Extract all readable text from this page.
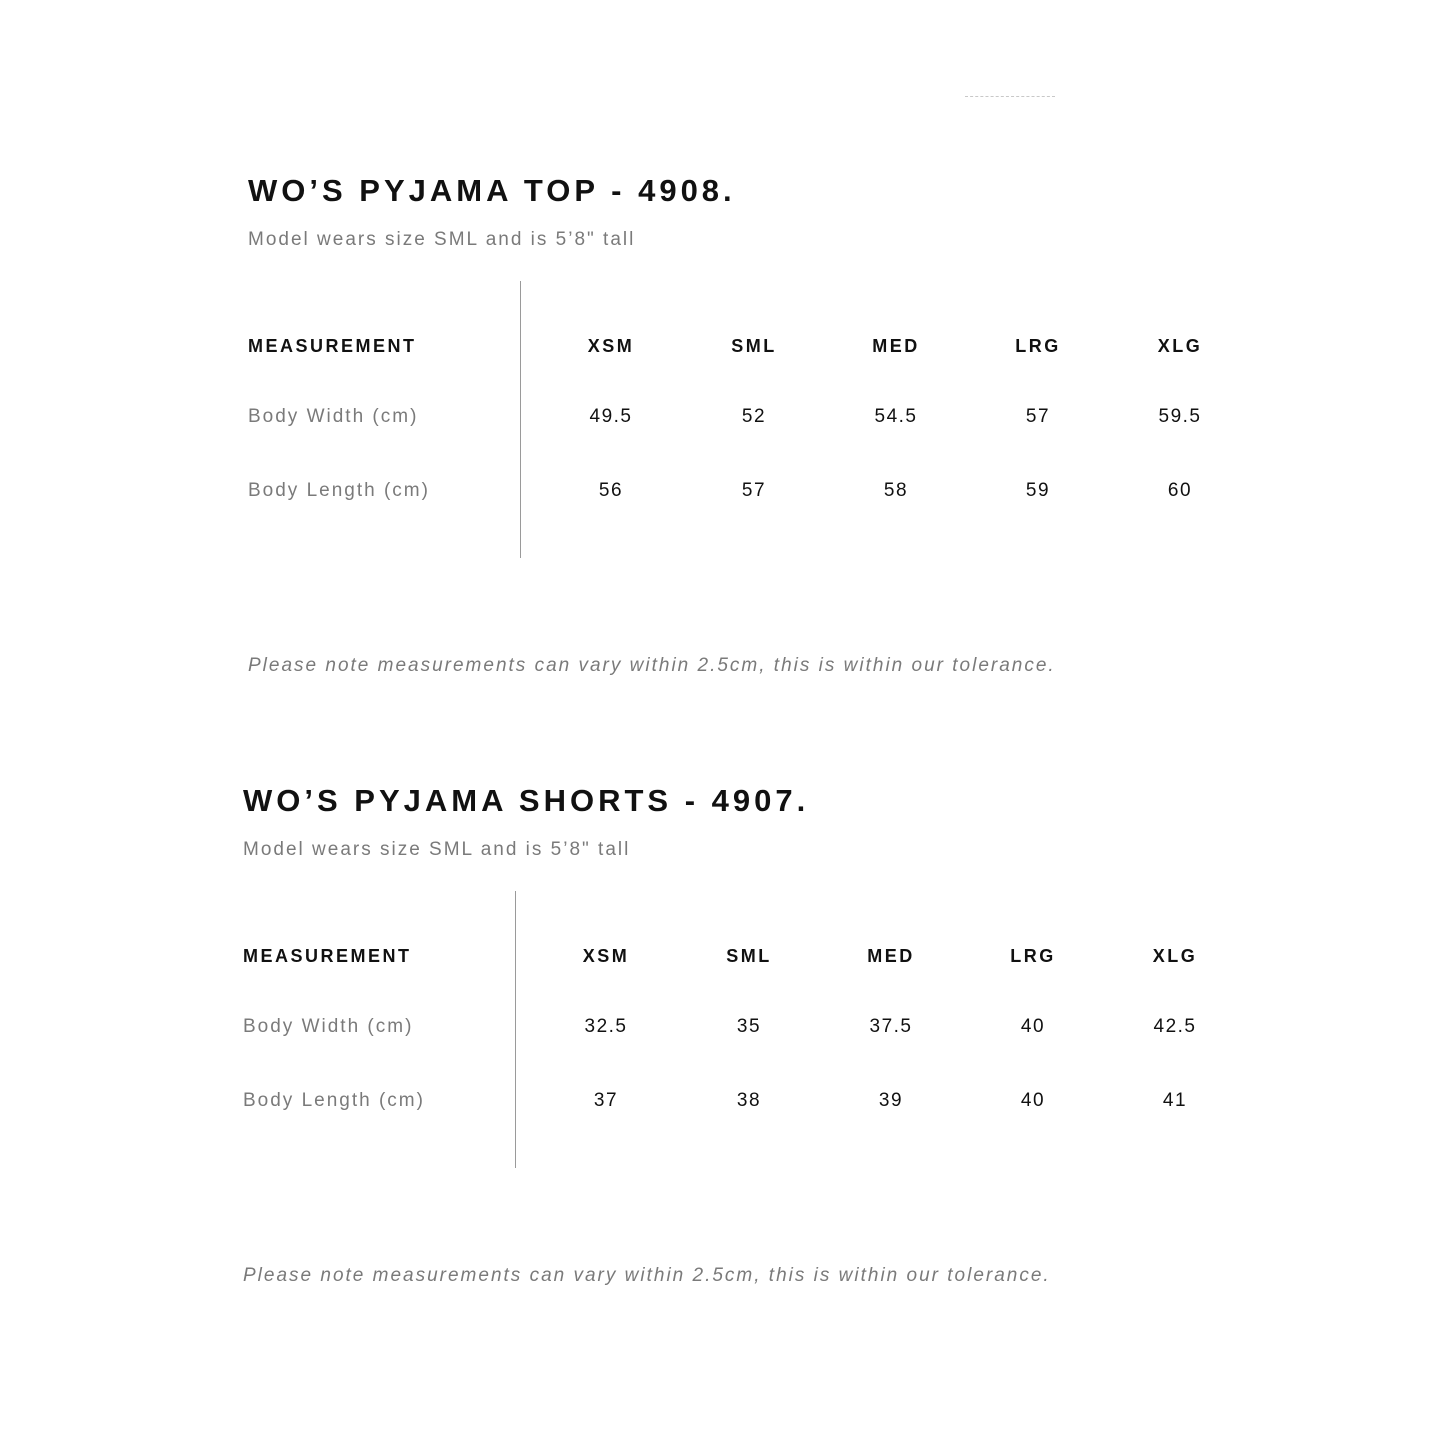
WO’S PYJAMA TOP - 4908.

Model wears size SML and is 5’8" tall

MEASUREMENT	XSM	SML	MED	LRG	XLG
Body Width (cm)	49.5	52	54.5	57	59.5
Body Length (cm)	56	57	58	59	60

Please note measurements can vary within 2.5cm, this is within our tolerance.

WO’S PYJAMA SHORTS - 4907.

Model wears size SML and is 5’8" tall

MEASUREMENT	XSM	SML	MED	LRG	XLG
Body Width (cm)	32.5	35	37.5	40	42.5
Body Length (cm)	37	38	39	40	41

Please note measurements can vary within 2.5cm, this is within our tolerance.
